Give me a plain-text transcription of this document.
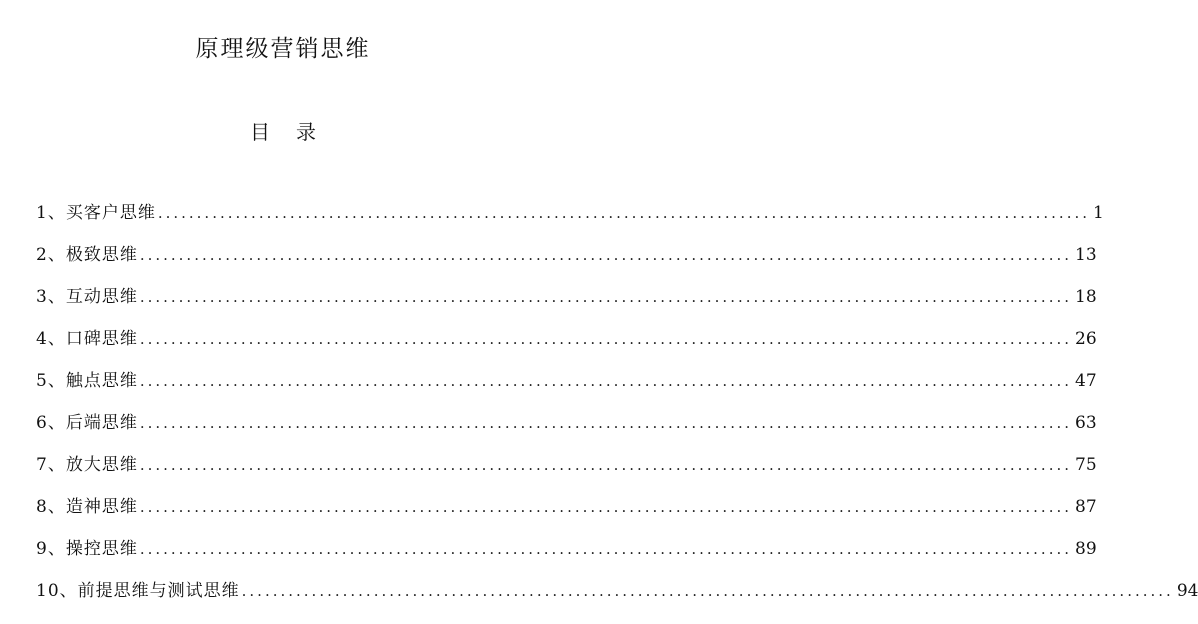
原理级营销思维
目 录
1、买客户思维 ........................................................................................................................ 1
2、极致思维 ........................................................................................................................ 13
3、互动思维 ........................................................................................................................ 18
4、口碑思维 ........................................................................................................................ 26
5、触点思维 ........................................................................................................................ 47
6、后端思维 ........................................................................................................................ 63
7、放大思维 ........................................................................................................................ 75
8、造神思维 ........................................................................................................................ 87
9、操控思维 ........................................................................................................................ 89
10、前提思维与测试思维 ........................................................................................................................ 94
